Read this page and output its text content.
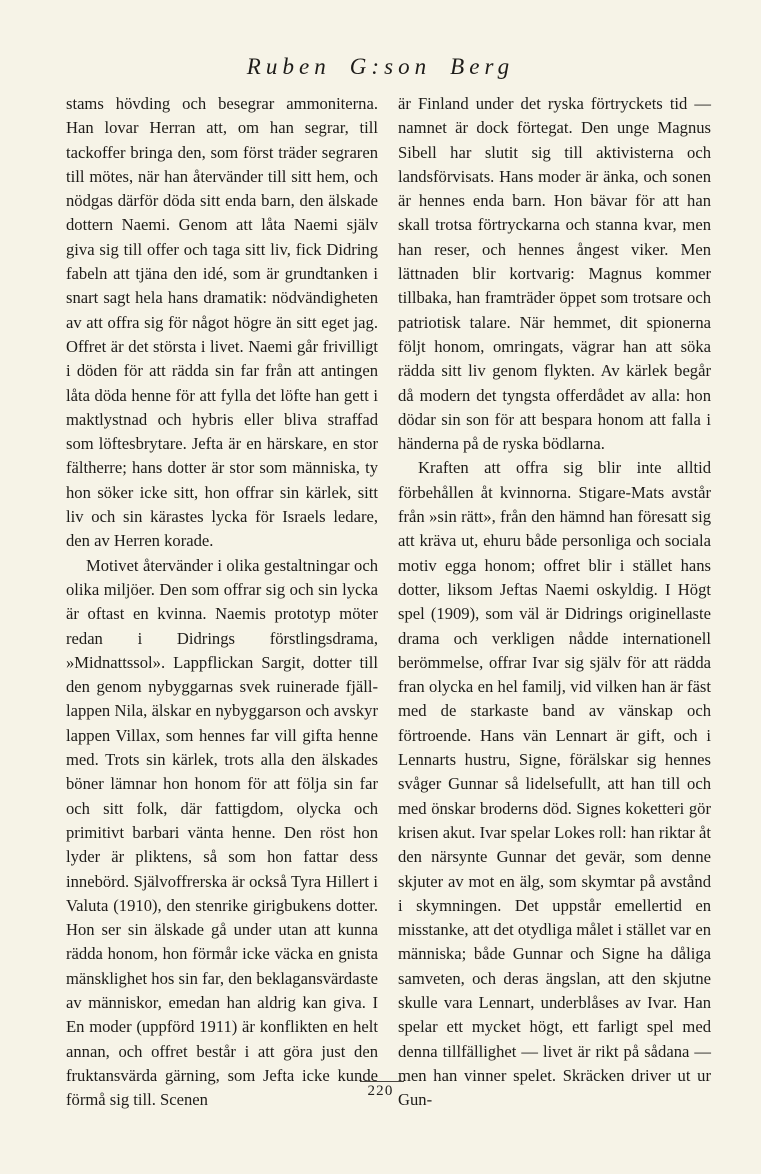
Ruben G:son Berg

stams hövding och besegrar ammoniterna. Han lovar Herran att, om han segrar, till tackoffer bringa den, som först träder segraren till mötes, när han återvänder till sitt hem, och nödgas därför döda sitt enda barn, den älskade dottern Naemi. Genom att låta Naemi själv giva sig till offer och taga sitt liv, fick Didring fabeln att tjäna den idé, som är grundtanken i snart sagt hela hans dramatik: nödvändigheten av att offra sig för något högre än sitt eget jag. Offret är det största i livet. Naemi går frivilligt i döden för att rädda sin far från att antingen låta döda henne för att fylla det löfte han gett i maktlystnad och hybris eller bliva straffad som löftesbrytare. Jefta är en härskare, en stor fältherre; hans dotter är stor som människa, ty hon söker icke sitt, hon offrar sin kärlek, sitt liv och sin kärastes lycka för Israels ledare, den av Herren korade.

Motivet återvänder i olika gestaltningar och olika miljöer. Den som offrar sig och sin lycka är oftast en kvinna. Naemis prototyp möter redan i Didrings förstlingsdrama, »Midnattssol». Lappflickan Sargit, dotter till den genom nybyggarnas svek ruinerade fjäll-lappen Nila, älskar en nybyggarson och avskyr lappen Villax, som hennes far vill gifta henne med. Trots sin kärlek, trots alla den älskades böner lämnar hon honom för att följa sin far och sitt folk, där fattigdom, olycka och primitivt barbari vänta henne. Den röst hon lyder är pliktens, så som hon fattar dess innebörd. Självoffrerska är också Tyra Hillert i Valuta (1910), den stenrike girigbukens dotter. Hon ser sin älskade gå under utan att kunna rädda honom, hon förmår icke väcka en gnista mänsklighet hos sin far, den beklagansvärdaste av människor, emedan han aldrig kan giva. I En moder (uppförd 1911) är konflikten en helt annan, och offret består i att göra just den fruktansvärda gärning, som Jefta icke kunde förmå sig till. Scenen

är Finland under det ryska förtryckets tid — namnet är dock förtegat. Den unge Magnus Sibell har slutit sig till aktivisterna och landsförvisats. Hans moder är änka, och sonen är hennes enda barn. Hon bävar för att han skall trotsa förtryckarna och stanna kvar, men han reser, och hennes ångest viker. Men lättnaden blir kortvarig: Magnus kommer tillbaka, han framträder öppet som trotsare och patriotisk talare. När hemmet, dit spionerna följt honom, omringats, vägrar han att söka rädda sitt liv genom flykten. Av kärlek begår då modern det tyngsta offerdådet av alla: hon dödar sin son för att bespara honom att falla i händerna på de ryska bödlarna.

Kraften att offra sig blir inte alltid förbehållen åt kvinnorna. Stigare-Mats avstår från »sin rätt», från den hämnd han föresatt sig att kräva ut, ehuru både personliga och sociala motiv egga honom; offret blir i stället hans dotter, liksom Jeftas Naemi oskyldig. I Högt spel (1909), som väl är Didrings originellaste drama och verkligen nådde internationell berömmelse, offrar Ivar sig själv för att rädda fran olycka en hel familj, vid vilken han är fäst med de starkaste band av vänskap och förtroende. Hans vän Lennart är gift, och i Lennarts hustru, Signe, förälskar sig hennes svåger Gunnar så lidelsefullt, att han till och med önskar broderns död. Signes koketteri gör krisen akut. Ivar spelar Lokes roll: han riktar åt den närsynte Gunnar det gevär, som denne skjuter av mot en älg, som skymtar på avstånd i skymningen. Det uppstår emellertid en misstanke, att det otydliga målet i stället var en människa; både Gunnar och Signe ha dåliga samveten, och deras ängslan, att den skjutne skulle vara Lennart, underblåses av Ivar. Han spelar ett mycket högt, ett farligt spel med denna tillfällighet — livet är rikt på sådana — men han vinner spelet. Skräcken driver ut ur Gun-

220
